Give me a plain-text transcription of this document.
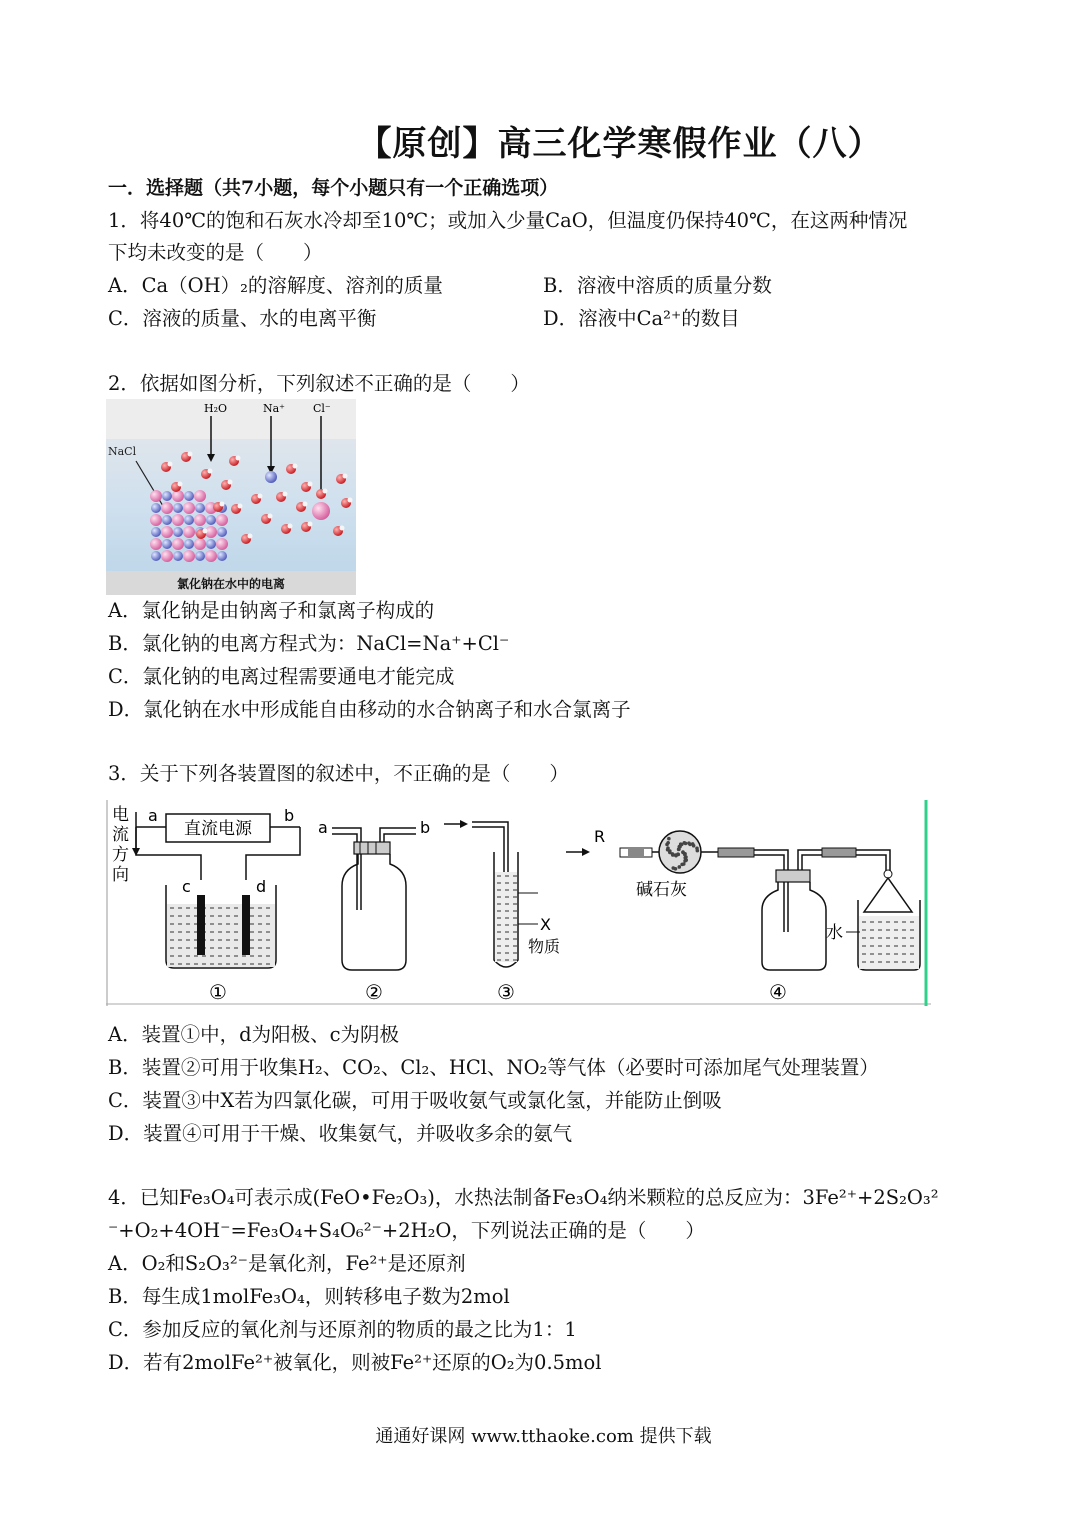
【原创】高三化学寒假作业（八）
一．选择题（共7小题，每个小题只有一个正确选项）
1．将40℃的饱和石灰水冷却至10℃；或加入少量CaO，但温度仍保持40℃，在这两种情况
下均未改变的是（　　）
A．Ca（OH）₂的溶解度、溶剂的质量	B．溶液中溶质的质量分数
C．溶液的质量、水的电离平衡	D．溶液中Ca²⁺的数目
2．依据如图分析，下列叙述不正确的是（　　）
氯化钠在水中的电离
NaCl
H₂O	Na⁺	Cl⁻
A．氯化钠是由钠离子和氯离子构成的
B．氯化钠的电离方程式为：NaCl=Na⁺+Cl⁻
C．氯化钠的电离过程需要通电才能完成
D．氯化钠在水中形成能自由移动的水合钠离子和水合氯离子
3．关于下列各装置图的叙述中，不正确的是（　　）
电
流
方
向
a	b
直流电源
c	d
①
a	b
②
X
物质
③
R
碱石灰
水
④
A．装置①中，d为阳极、c为阴极
B．装置②可用于收集H₂、CO₂、Cl₂、HCl、NO₂等气体（必要时可添加尾气处理装置）
C．装置③中X若为四氯化碳，可用于吸收氨气或氯化氢，并能防止倒吸
D．装置④可用于干燥、收集氨气，并吸收多余的氨气
4．已知Fe₃O₄可表示成(FeO•Fe₂O₃)，水热法制备Fe₃O₄纳米颗粒的总反应为：3Fe²⁺+2S₂O₃²
⁻+O₂+4OH⁻=Fe₃O₄+S₄O₆²⁻+2H₂O，下列说法正确的是（　　）
A．O₂和S₂O₃²⁻是氧化剂，Fe²⁺是还原剂
B．每生成1molFe₃O₄，则转移电子数为2mol
C．参加反应的氧化剂与还原剂的物质的最之比为1：1
D．若有2molFe²⁺被氧化，则被Fe²⁺还原的O₂为0.5mol
通通好课网 www.tthaoke.com 提供下载
